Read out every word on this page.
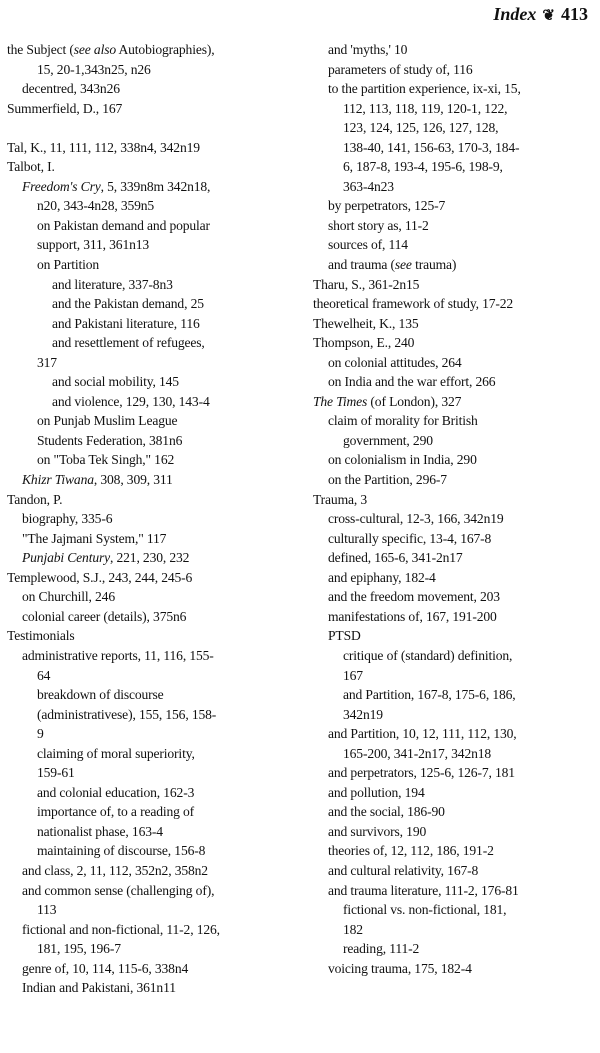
Index ❦ 413
the Subject (see also Autobiographies),
15, 20-1,343n25, n26
decentred, 343n26
Summerfield, D., 167
Tal, K., 11, 111, 112, 338n4, 342n19
Talbot, I.
Freedom's Cry, 5, 339n8m 342n18,
n20, 343-4n28, 359n5
on Pakistan demand and popular
support, 311, 361n13
on Partition
and literature, 337-8n3
and the Pakistan demand, 25
and Pakistani literature, 116
and resettlement of refugees,
317
and social mobility, 145
and violence, 129, 130, 143-4
on Punjab Muslim League
Students Federation, 381n6
on "Toba Tek Singh," 162
Khizr Tiwana, 308, 309, 311
Tandon, P.
biography, 335-6
"The Jajmani System," 117
Punjabi Century, 221, 230, 232
Templewood, S.J., 243, 244, 245-6
on Churchill, 246
colonial career (details), 375n6
Testimonials
administrative reports, 11, 116, 155-
64
breakdown of discourse
(administrativese), 155, 156, 158-
9
claiming of moral superiority,
159-61
and colonial education, 162-3
importance of, to a reading of
nationalist phase, 163-4
maintaining of discourse, 156-8
and class, 2, 11, 112, 352n2, 358n2
and common sense (challenging of),
113
fictional and non-fictional, 11-2, 126,
181, 195, 196-7
genre of, 10, 114, 115-6, 338n4
Indian and Pakistani, 361n11
and 'myths,' 10
parameters of study of, 116
to the partition experience, ix-xi, 15,
112, 113, 118, 119, 120-1, 122,
123, 124, 125, 126, 127, 128,
138-40, 141, 156-63, 170-3, 184-
6, 187-8, 193-4, 195-6, 198-9,
363-4n23
by perpetrators, 125-7
short story as, 11-2
sources of, 114
and trauma (see trauma)
Tharu, S., 361-2n15
theoretical framework of study, 17-22
Thewelheit, K., 135
Thompson, E., 240
on colonial attitudes, 264
on India and the war effort, 266
The Times (of London), 327
claim of morality for British
government, 290
on colonialism in India, 290
on the Partition, 296-7
Trauma, 3
cross-cultural, 12-3, 166, 342n19
culturally specific, 13-4, 167-8
defined, 165-6, 341-2n17
and epiphany, 182-4
and the freedom movement, 203
manifestations of, 167, 191-200
PTSD
critique of (standard) definition,
167
and Partition, 167-8, 175-6, 186,
342n19
and Partition, 10, 12, 111, 112, 130,
165-200, 341-2n17, 342n18
and perpetrators, 125-6, 126-7, 181
and pollution, 194
and the social, 186-90
and survivors, 190
theories of, 12, 112, 186, 191-2
and cultural relativity, 167-8
and trauma literature, 111-2, 176-81
fictional vs. non-fictional, 181,
182
reading, 111-2
voicing trauma, 175, 182-4
